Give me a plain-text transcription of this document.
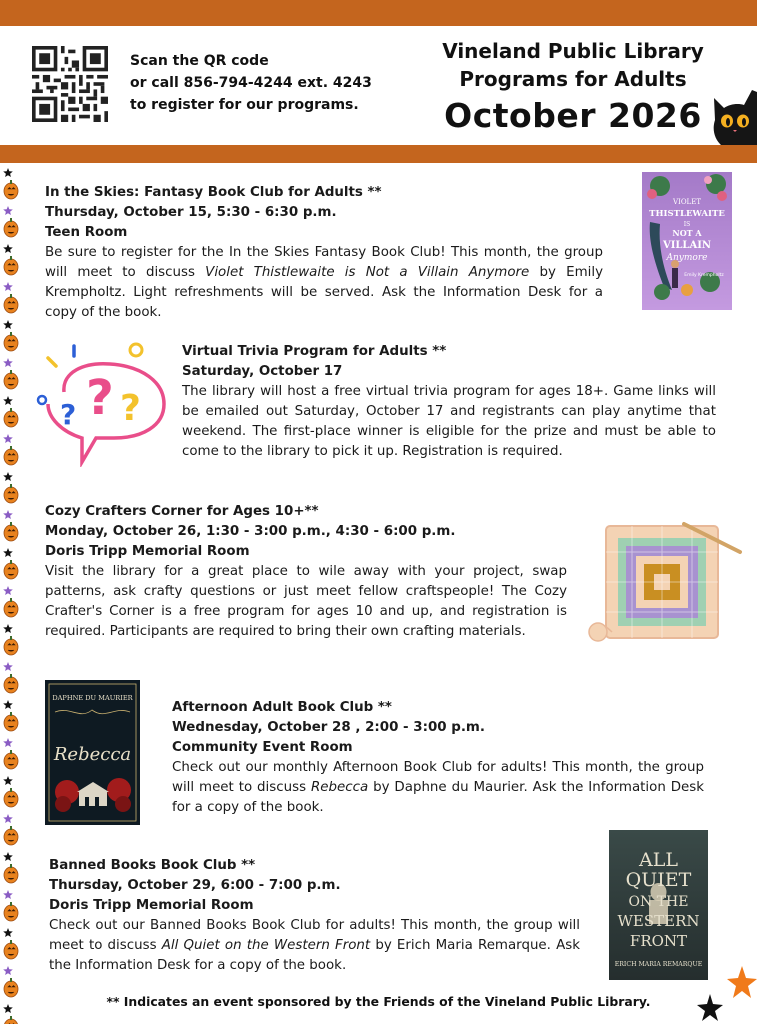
Scan the QR code
or call 856-794-4244 ext. 4243
to register for our programs.
Vineland Public Library
Programs for Adults
October 2026
In the Skies: Fantasy Book Club for Adults **
Thursday, October 15, 5:30 - 6:30 p.m.
Teen Room
Be sure to register for the In the Skies Fantasy Book Club! This month, the group will meet to discuss Violet Thistlewaite is Not a Villain Anymore by Emily Krempholtz. Light refreshments will be served. Ask the Information Desk for a copy of the book.
VIOLET
THISTLEWAITE
IS
NOT A
VILLAIN
Anymore
Emily Krempholtz
? ?
?
Virtual Trivia Program for Adults **
Saturday, October 17
The library will host a free virtual trivia program for ages 18+. Game links will be emailed out Saturday, October 17 and registrants can play anytime that weekend. The first-place winner is eligible for the prize and must be able to come to the library to pick it up. Registration is required.
Cozy Crafters Corner for Ages 10+**
Monday, October 26, 1:30 - 3:00 p.m., 4:30 - 6:00 p.m.
Doris Tripp Memorial Room
Visit the library for a great place to wile away with your project, swap patterns, ask crafty questions or just meet fellow craftspeople! The Cozy Crafter's Corner is a free program for ages 10 and up, and registration is required. Participants are required to bring their own crafting materials.
DAPHNE DU MAURIER
Rebecca
Afternoon Adult Book Club **
Wednesday, October 28 , 2:00 - 3:00 p.m.
Community Event Room
Check out our monthly Afternoon Book Club for adults! This month, the group will meet to discuss Rebecca by Daphne du Maurier. Ask the Information Desk for a copy of the book.
Banned Books Book Club **
Thursday, October 29, 6:00 - 7:00 p.m.
Doris Tripp Memorial Room
Check out our Banned Books Book Club for adults! This month, the group will meet to discuss All Quiet on the Western Front by Erich Maria Remarque. Ask the Information Desk for a copy of the book.
ALL
QUIET
ON THE
WESTERN
FRONT
ERICH MARIA REMARQUE
** Indicates an event sponsored by the Friends of the Vineland Public Library.
